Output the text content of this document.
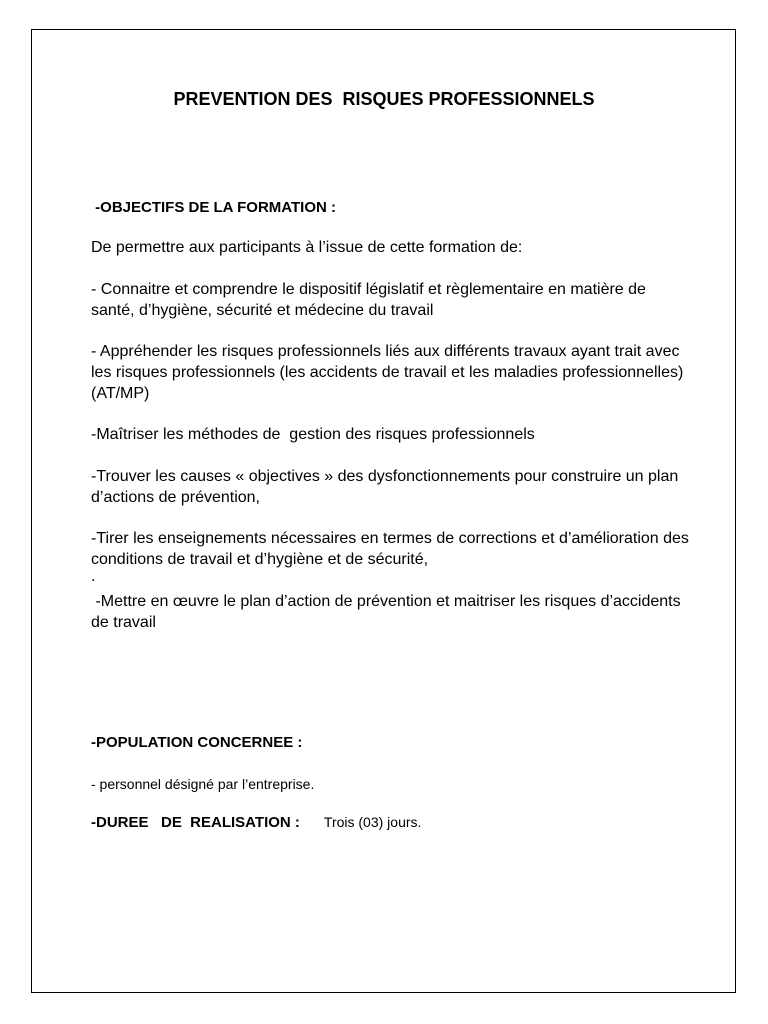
PREVENTION DES  RISQUES PROFESSIONNELS

-OBJECTIFS DE LA FORMATION :

De permettre aux participants à l’issue de cette formation de:

- Connaitre et comprendre le dispositif législatif et règlementaire en matière de santé, d’hygiène, sécurité et médecine du travail

- Appréhender les risques professionnels liés aux différents travaux ayant trait avec les risques professionnels (les accidents de travail et les maladies professionnelles) (AT/MP)

-Maîtriser les méthodes de  gestion des risques professionnels

-Trouver les causes « objectives » des dysfonctionnements pour construire un plan d’actions de prévention,

-Tirer les enseignements nécessaires en termes de corrections et d’amélioration des conditions de travail et d’hygiène et de sécurité,

.

-Mettre en œuvre le plan d’action de prévention et maitriser les risques d’accidents de travail

-POPULATION CONCERNEE :

- personnel désigné par l’entreprise.

-DUREE   DE  REALISATION : Trois (03) jours.
